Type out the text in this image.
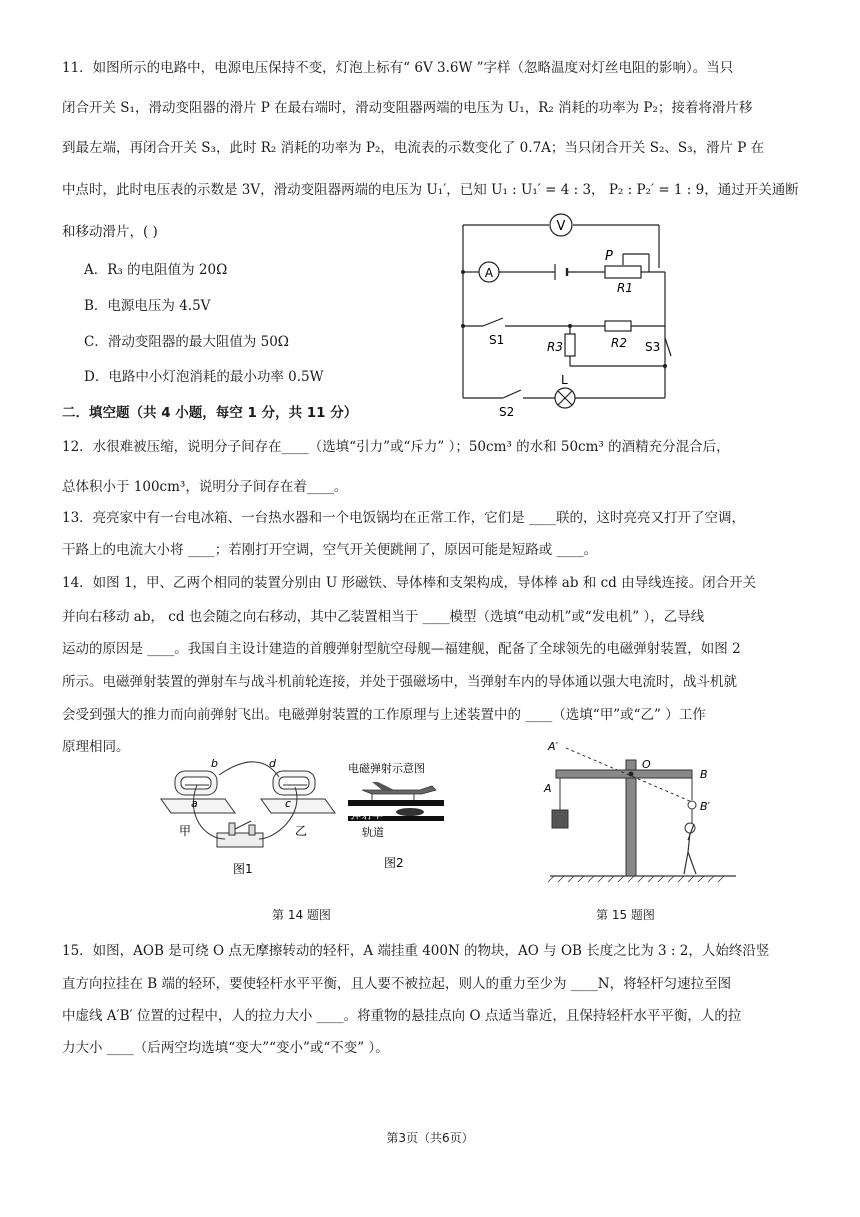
11．如图所示的电路中，电源电压保持不变，灯泡上标有“ 6V 3.6W ”字样（忽略温度对灯丝电阻的影响）。当只
闭合开关 S₁，滑动变阻器的滑片 P 在最右端时，滑动变阻器两端的电压为 U₁，R₂ 消耗的功率为 P₂；接着将滑片移
到最左端，再闭合开关 S₃，此时 R₂ 消耗的功率为 P₂，电流表的示数变化了 0.7A；当只闭合开关 S₂、S₃，滑片 P 在
中点时，此时电压表的示数是 3V，滑动变阻器两端的电压为 U₁′，已知 U₁ : U₁′ = 4 : 3， P₂ : P₂′ = 1 : 9，通过开关通断
和移动滑片，( )
A．R₃ 的电阻值为 20Ω
B．电源电压为 4.5V
C．滑动变阻器的最大阻值为 50Ω
D．电路中小灯泡消耗的最小功率 0.5W
V
A
P
R1
S1	R3	R2 S3
L
S2
二．填空题（共 4 小题，每空 1 分，共 11 分）
12．水很难被压缩，说明分子间存在____（选填“引力”或“斥力” ）；50cm³ 的水和 50cm³ 的酒精充分混合后，
总体积小于 100cm³，说明分子间存在着____。
13．亮亮家中有一台电冰箱、一台热水器和一个电饭锅均在正常工作，它们是 ____联的，这时亮亮又打开了空调，
干路上的电流大小将 ____；若刚打开空调，空气开关便跳闸了，原因可能是短路或 ____。
14．如图 1，甲、乙两个相同的装置分别由 U 形磁铁、导体棒和支架构成，导体棒 ab 和 cd 由导线连接。闭合开关
并向右移动 ab， cd 也会随之向右移动，其中乙装置相当于 ____模型（选填“电动机”或“发电机” ），乙导线
运动的原因是 ____。我国自主设计建造的首艘弹射型航空母舰—福建舰，配备了全球领先的电磁弹射装置，如图 2
所示。电磁弹射装置的弹射车与战斗机前轮连接，并处于强磁场中，当弹射车内的导体通以强大电流时，战斗机就
会受到强大的推力而向前弹射飞出。电磁弹射装置的工作原理与上述装置中的 ____（选填“甲”或“乙” ）工作
原理相同。
b
a
d
c
甲	乙
图1
电磁弹射示意图
弹射车
轨道
图2
第 14 题图
A′
A
O
B
B′
第 15 题图
15．如图，AOB 是可绕 O 点无摩擦转动的轻杆，A 端挂重 400N 的物块，AO 与 OB 长度之比为 3 : 2，人始终沿竖
直方向拉挂在 B 端的轻环，要使轻杆水平平衡，且人要不被拉起，则人的重力至少为 ____N，将轻杆匀速拉至图
中虚线 A′B′ 位置的过程中，人的拉力大小 ____。将重物的悬挂点向 O 点适当靠近，且保持轻杆水平平衡，人的拉
力大小 ____（后两空均选填“变大”“变小”或“不变” ）。
第3页（共6页）
